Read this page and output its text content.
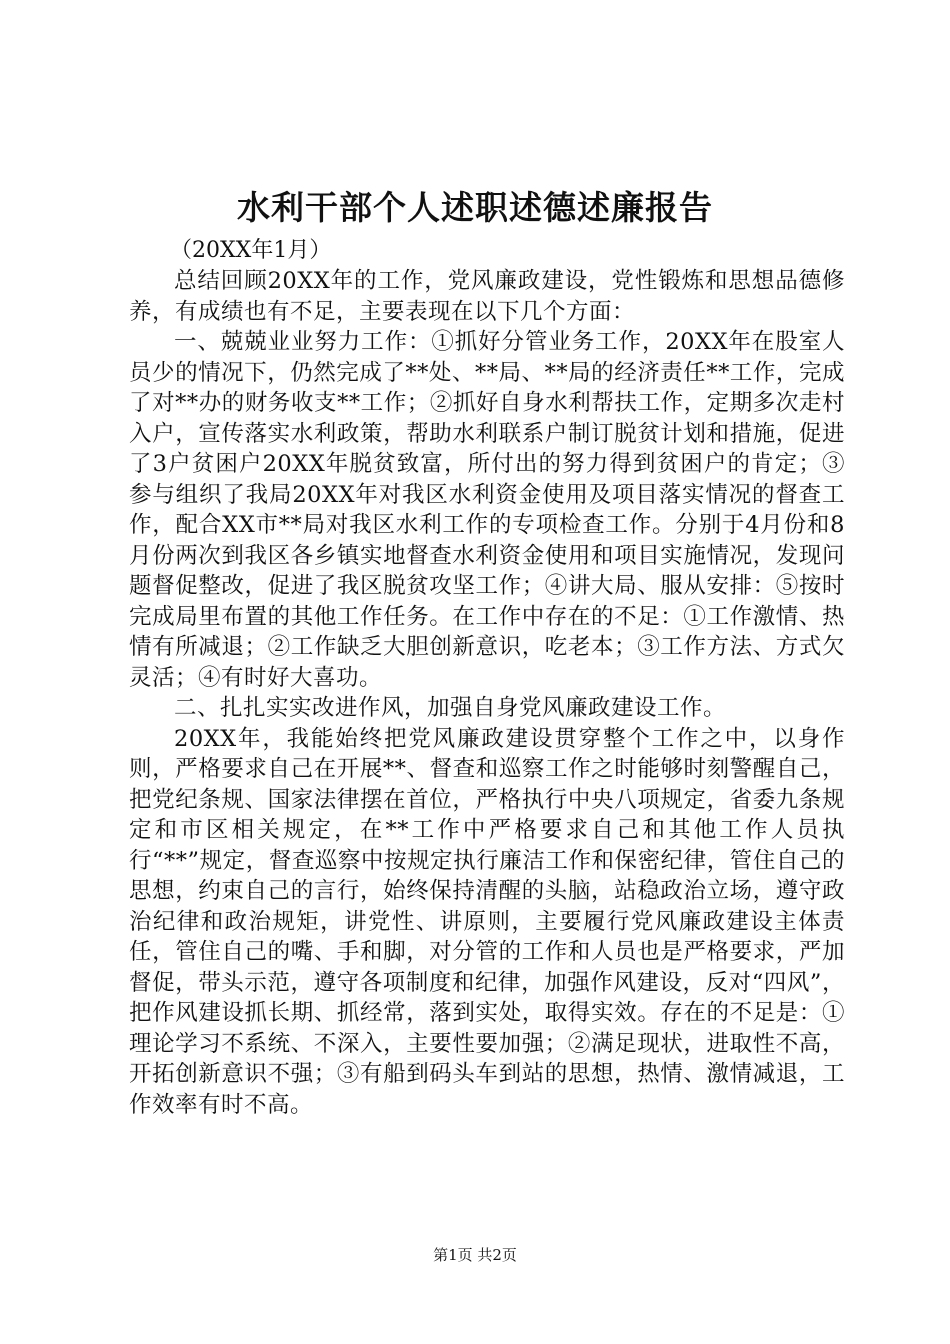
水利干部个人述职述德述廉报告
（20XX年1月）

总结回顾20XX年的工作，党风廉政建设，党性锻炼和思想品德修养，有成绩也有不足，主要表现在以下几个方面：

一、兢兢业业努力工作：①抓好分管业务工作，20XX年在股室人员少的情况下，仍然完成了**处、**局、**局的经济责任**工作，完成了对**办的财务收支**工作；②抓好自身水利帮扶工作，定期多次走村入户，宣传落实水利政策，帮助水利联系户制订脱贫计划和措施，促进了3户贫困户20XX年脱贫致富，所付出的努力得到贫困户的肯定；③参与组织了我局20XX年对我区水利资金使用及项目落实情况的督查工作，配合XX市**局对我区水利工作的专项检查工作。分别于4月份和8月份两次到我区各乡镇实地督查水利资金使用和项目实施情况，发现问题督促整改，促进了我区脱贫攻坚工作；④讲大局、服从安排：⑤按时完成局里布置的其他工作任务。在工作中存在的不足：①工作激情、热情有所减退；②工作缺乏大胆创新意识，吃老本；③工作方法、方式欠灵活；④有时好大喜功。

二、扎扎实实改进作风，加强自身党风廉政建设工作。

20XX年，我能始终把党风廉政建设贯穿整个工作之中，以身作则，严格要求自己在开展**、督查和巡察工作之时能够时刻警醒自己，把党纪条规、国家法律摆在首位，严格执行中央八项规定，省委九条规定和市区相关规定，在**工作中严格要求自己和其他工作人员执行“**”规定，督查巡察中按规定执行廉洁工作和保密纪律，管住自己的思想，约束自己的言行，始终保持清醒的头脑，站稳政治立场，遵守政治纪律和政治规矩，讲党性、讲原则，主要履行党风廉政建设主体责任，管住自己的嘴、手和脚，对分管的工作和人员也是严格要求，严加督促，带头示范，遵守各项制度和纪律，加强作风建设，反对“四风”，把作风建设抓长期、抓经常，落到实处，取得实效。存在的不足是：①理论学习不系统、不深入，主要性要加强；②满足现状，进取性不高，开拓创新意识不强；③有船到码头车到站的思想，热情、激情减退，工作效率有时不高。

第1页 共2页
